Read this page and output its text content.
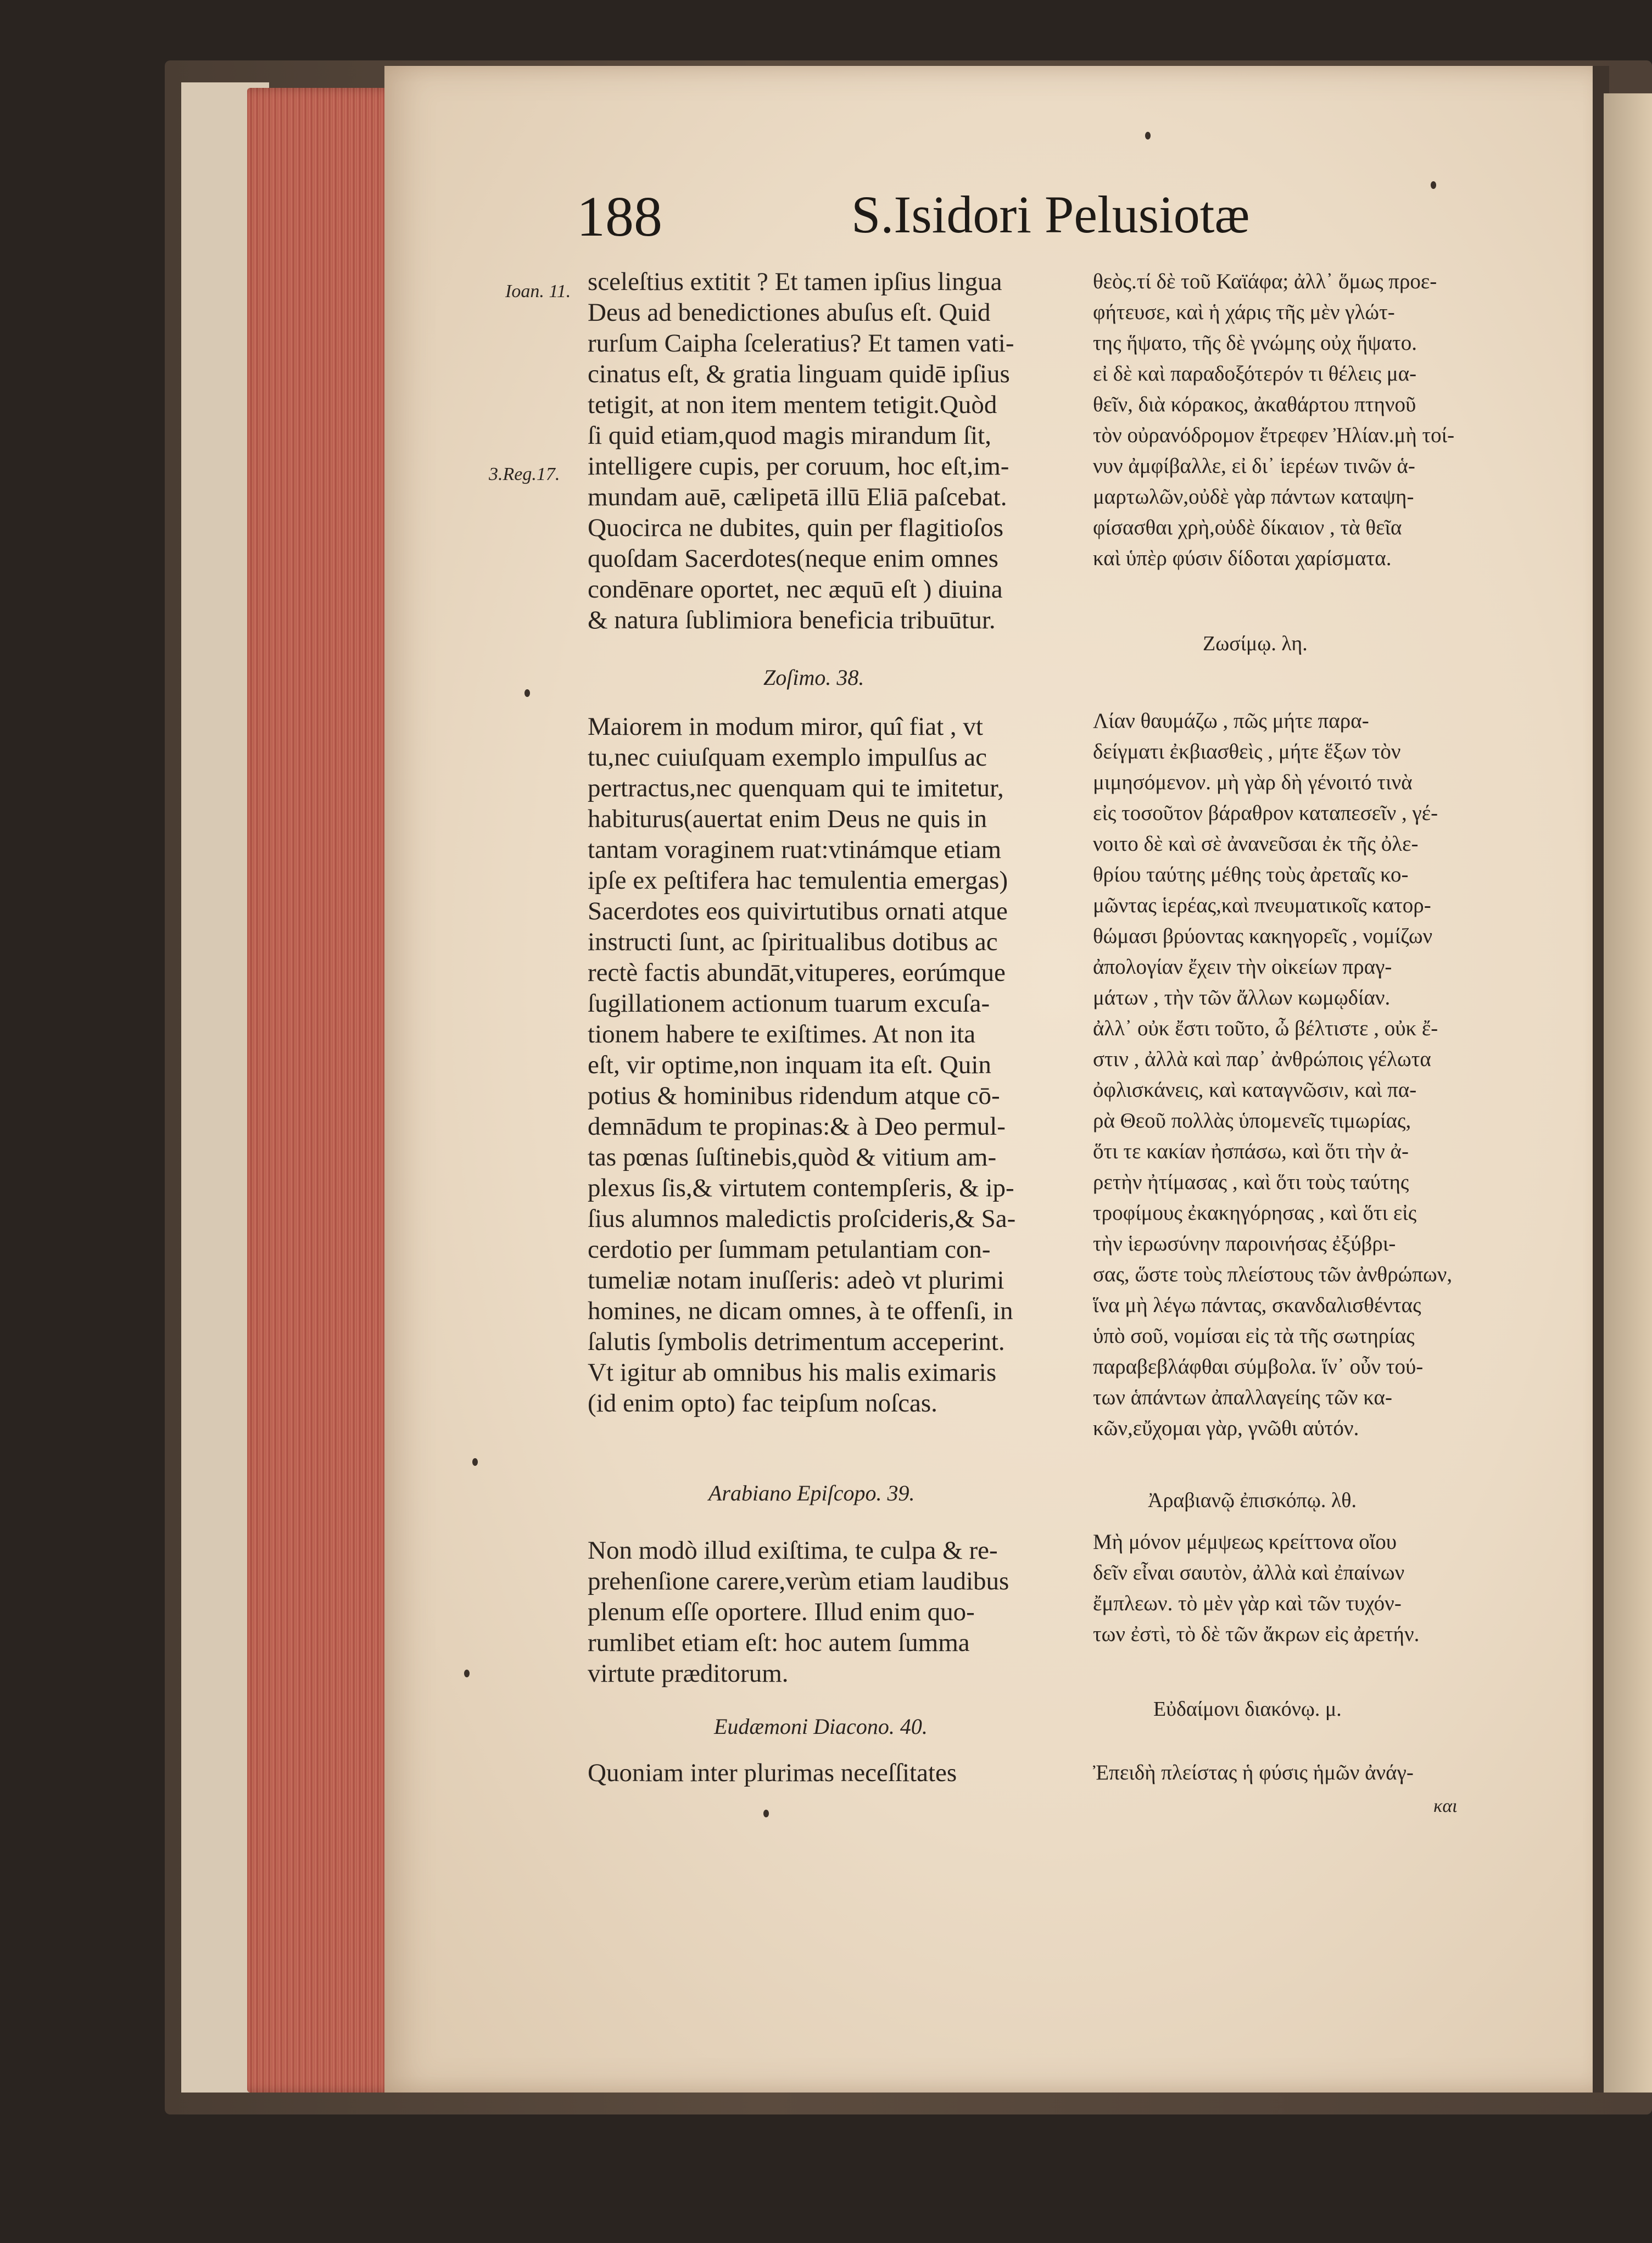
188	S.Isidori Pelusiotæ
Ioan. 11.
3.Reg.17.
sceleſtius extitit ? Et tamen ipſius lingua
Deus ad benedictiones abuſus eſt. Quid
rurſum Caipha ſceleratius? Et tamen vati-
cinatus eſt, & gratia linguam quidē ipſius
tetigit, at non item mentem tetigit.Quòd
ſi quid etiam,quod magis mirandum ſit,
intelligere cupis, per coruum, hoc eſt,im-
mundam auē, cælipetā illū Eliā paſcebat.
Quocirca ne dubites, quin per flagitioſos
quoſdam Sacerdotes(neque enim omnes
condēnare oportet, nec æquū eſt ) diuina
& natura ſublimiora beneficia tribuūtur.
Zoſimo. 38.
Maiorem in modum miror, quî fiat , vt
tu,nec cuiuſquam exemplo impulſus ac
pertractus,nec quenquam qui te imitetur,
habiturus(auertat enim Deus ne quis in
tantam voraginem ruat:vtinámque etiam
ipſe ex peſtifera hac temulentia emergas)
Sacerdotes eos quivirtutibus ornati atque
instructi ſunt, ac ſpiritualibus dotibus ac
rectè factis abundāt,vituperes, eorúmque
ſugillationem actionum tuarum excuſa-
tionem habere te exiſtimes. At non ita
eſt, vir optime,non inquam ita eſt. Quin
potius & hominibus ridendum atque cō-
demnādum te propinas:& à Deo permul-
tas pœnas ſuſtinebis,quòd & vitium am-
plexus ſis,& virtutem contempſeris, & ip-
ſius alumnos maledictis proſcideris,& Sa-
cerdotio per ſummam petulantiam con-
tumeliæ notam inuſſeris: adeò vt plurimi
homines, ne dicam omnes, à te offenſi, in
ſalutis ſymbolis detrimentum acceperint.
Vt igitur ab omnibus his malis eximaris
(id enim opto) fac teipſum noſcas.
Arabiano Epiſcopo. 39.
Non modò illud exiſtima, te culpa & re-
prehenſione carere,verùm etiam laudibus
plenum eſſe oportere. Illud enim quo-
rumlibet etiam eſt: hoc autem ſumma
virtute præditorum.
Eudæmoni Diacono. 40.
Quoniam inter plurimas neceſſitates
θεὸς.τί δὲ τοῦ Καϊάφα; ἀλλ᾽ ὅμως προε-
φήτευσε, καὶ ἡ χάρις τῆς μὲν γλώτ-
της ἥψατο, τῆς δὲ γνώμης οὐχ ἥψατο.
εἰ δὲ καὶ παραδοξότερόν τι θέλεις μα-
θεῖν, διὰ κόρακος, ἀκαθάρτου πτηνοῦ
τὸν οὐρανόδρομον ἔτρεφεν Ἠλίαν.μὴ τοί-
νυν ἀμφίβαλλε, εἰ δι᾽ ἱερέων τινῶν ἁ-
μαρτωλῶν,οὐδὲ γὰρ πάντων καταψη-
φίσασθαι χρὴ,οὐδὲ δίκαιον , τὰ θεῖα
καὶ ὑπὲρ φύσιν δίδοται χαρίσματα.
Ζωσίμῳ. λη.
Λίαν θαυμάζω , πῶς μήτε παρα-
δείγματι ἐκβιασθεὶς , μήτε ἕξων τὸν
μιμησόμενον. μὴ γὰρ δὴ γένοιτό τινὰ
εἰς τοσοῦτον βάραθρον καταπεσεῖν , γέ-
νοιτο δὲ καὶ σὲ ἀνανεῦσαι ἐκ τῆς ὀλε-
θρίου ταύτης μέθης τοὺς ἀρεταῖς κο-
μῶντας ἱερέας,καὶ πνευματικοῖς κατορ-
θώμασι βρύοντας κακηγορεῖς , νομίζων
ἀπολογίαν ἔχειν τὴν οἰκείων πραγ-
μάτων , τὴν τῶν ἄλλων κωμῳδίαν.
ἀλλ᾽ οὐκ ἔστι τοῦτο, ὦ βέλτιστε , οὐκ ἔ-
στιν , ἀλλὰ καὶ παρ᾽ ἀνθρώποις γέλωτα
ὀφλισκάνεις, καὶ καταγνῶσιν, καὶ πα-
ρὰ Θεοῦ πολλὰς ὑπομενεῖς τιμωρίας,
ὅτι τε κακίαν ἠσπάσω, καὶ ὅτι τὴν ἀ-
ρετὴν ἠτίμασας , καὶ ὅτι τοὺς ταύτης
τροφίμους ἐκακηγόρησας , καὶ ὅτι εἰς
τὴν ἱερωσύνην παροινήσας ἐξύβρι-
σας, ὥστε τοὺς πλείστους τῶν ἀνθρώπων,
ἵνα μὴ λέγω πάντας, σκανδαλισθέντας
ὑπὸ σοῦ, νομίσαι εἰς τὰ τῆς σωτηρίας
παραβεβλάφθαι σύμβολα. ἵν᾽ οὖν τού-
των ἁπάντων ἀπαλλαγείης τῶν κα-
κῶν,εὔχομαι γὰρ, γνῶθι αὑτόν.
Ἀραβιανῷ ἐπισκόπῳ. λθ.
Μὴ μόνον μέμψεως κρείττονα οἴου
δεῖν εἶναι σαυτὸν, ἀλλὰ καὶ ἐπαίνων
ἔμπλεων. τὸ μὲν γὰρ καὶ τῶν τυχόν-
των ἐστὶ, τὸ δὲ τῶν ἄκρων εἰς ἀρετήν.
Εὐδαίμονι διακόνῳ. μ.
Ἐπειδὴ πλείστας ἡ φύσις ἡμῶν ἀνάγ-
και
